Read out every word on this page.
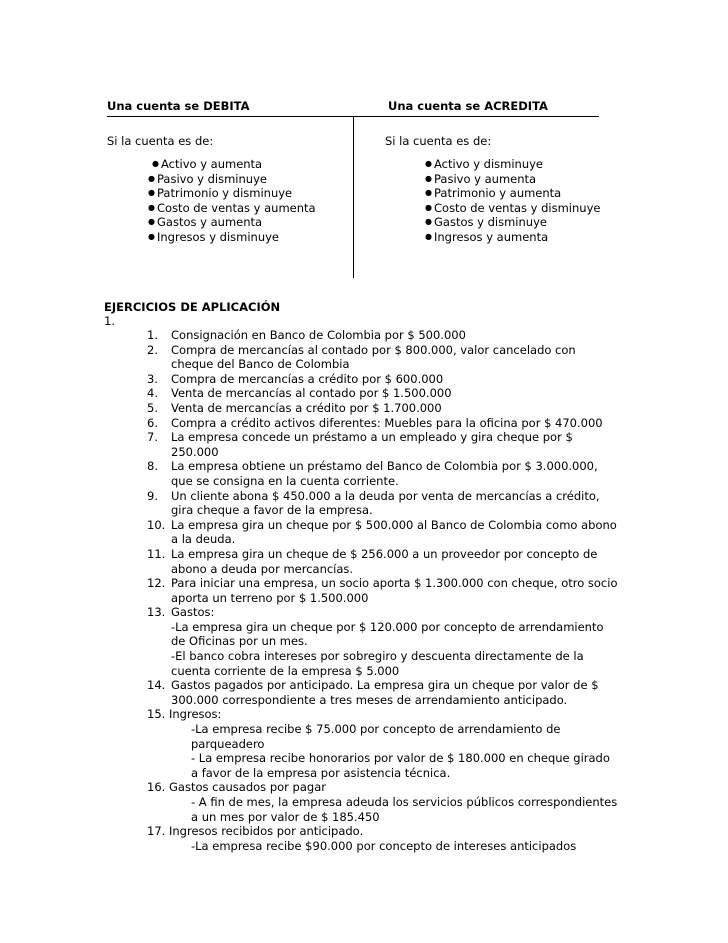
Una cuenta se DEBITA	Una cuenta se ACREDITA
Si la cuenta es de:	Si la cuenta es de:
● Activo y aumenta
● Pasivo y disminuye
● Patrimonio y disminuye
● Costo de ventas y aumenta
● Gastos y aumenta
● Ingresos y disminuye
● Activo y disminuye
● Pasivo y aumenta
● Patrimonio y aumenta
● Costo de ventas y disminuye
● Gastos y disminuye
● Ingresos y aumenta
EJERCICIOS DE APLICACIÓN
1.
1. Consignación en Banco de Colombia por $ 500.000
2. Compra de mercancías al contado por $ 800.000, valor cancelado con cheque del Banco de Colombia
3. Compra de mercancías a crédito por $ 600.000
4. Venta de mercancías al contado por $ 1.500.000
5. Venta de mercancías a crédito por $ 1.700.000
6. Compra a crédito activos diferentes: Muebles para la oficina por $ 470.000
7. La empresa concede un préstamo a un empleado y gira cheque por $ 250.000
8. La empresa obtiene un préstamo del Banco de Colombia por $ 3.000.000, que se consigna en la cuenta corriente.
9. Un cliente abona $ 450.000 a la deuda por venta de mercancías a crédito, gira cheque a favor de la empresa.
10. La empresa gira un cheque por $ 500.000 al Banco de Colombia como abono a la deuda.
11. La empresa gira un cheque de $ 256.000 a un proveedor por concepto de abono a deuda por mercancías.
12. Para iniciar una empresa, un socio aporta $ 1.300.000 con cheque, otro socio aporta un terreno por $ 1.500.000
13. Gastos:
-La empresa gira un cheque por $ 120.000 por concepto de arrendamiento de Oficinas por un mes.
-El banco cobra intereses por sobregiro y descuenta directamente de la cuenta corriente de la empresa $ 5.000
14. Gastos pagados por anticipado. La empresa gira un cheque por valor de $ 300.000 correspondiente a tres meses de arrendamiento anticipado.
15. Ingresos:
-La empresa recibe $ 75.000 por concepto de arrendamiento de parqueadero
- La empresa recibe honorarios por valor de $ 180.000 en cheque girado a favor de la empresa por asistencia técnica.
16. Gastos causados por pagar
- A fin de mes, la empresa adeuda los servicios públicos correspondientes a un mes por valor de $ 185.450
17. Ingresos recibidos por anticipado.
-La empresa recibe $90.000 por concepto de intereses anticipados
